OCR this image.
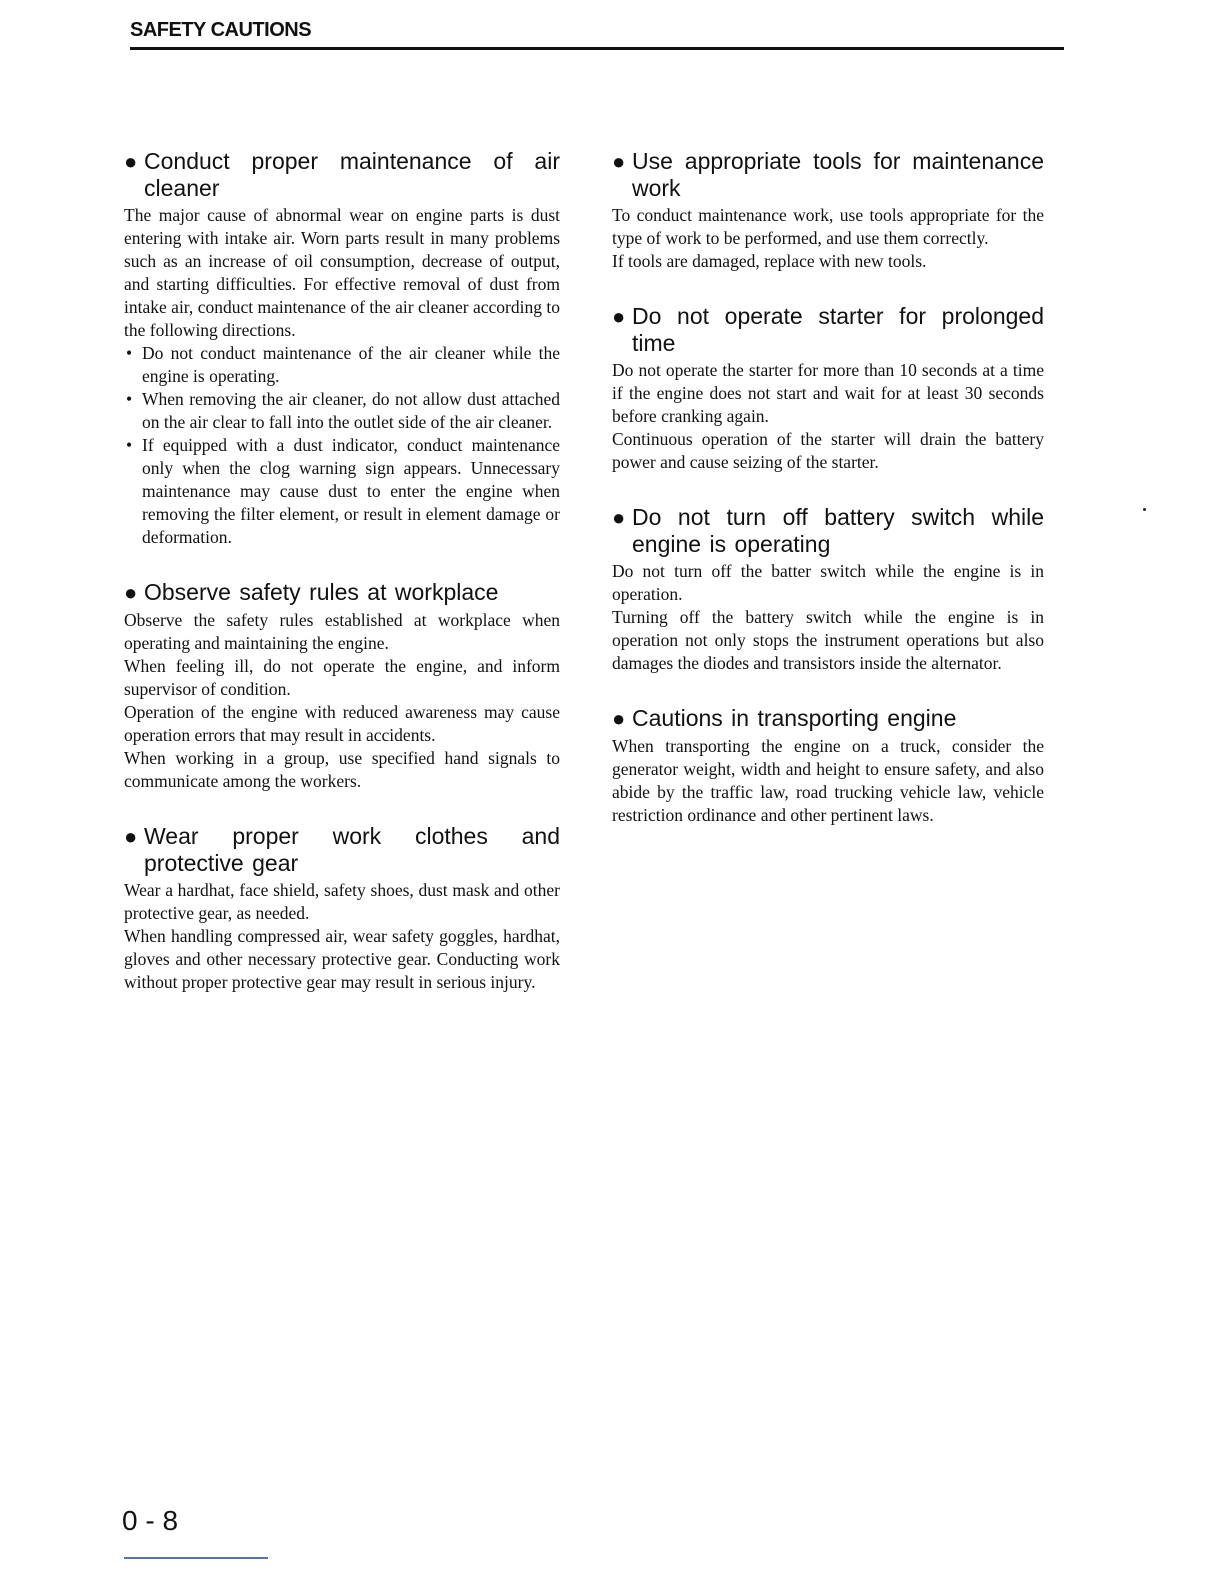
SAFETY CAUTIONS
● Conduct proper maintenance of air cleaner

The major cause of abnormal wear on engine parts is dust entering with intake air. Worn parts result in many problems such as an increase of oil consumption, decrease of output, and starting difficulties. For effective removal of dust from intake air, conduct maintenance of the air cleaner according to the following directions.

• Do not conduct maintenance of the air cleaner while the engine is operating.
• When removing the air cleaner, do not allow dust attached on the air clear to fall into the outlet side of the air cleaner.
• If equipped with a dust indicator, conduct maintenance only when the clog warning sign appears. Unnecessary maintenance may cause dust to enter the engine when removing the filter element, or result in element damage or deformation.
● Observe safety rules at workplace

Observe the safety rules established at workplace when operating and maintaining the engine.

When feeling ill, do not operate the engine, and inform supervisor of condition.

Operation of the engine with reduced awareness may cause operation errors that may result in accidents.

When working in a group, use specified hand signals to communicate among the workers.

● Wear proper work clothes and protective gear

Wear a hardhat, face shield, safety shoes, dust mask and other protective gear, as needed.

When handling compressed air, wear safety goggles, hardhat, gloves and other necessary protective gear. Conducting work without proper protective gear may result in serious injury.

● Use appropriate tools for maintenance work

To conduct maintenance work, use tools appropriate for the type of work to be performed, and use them correctly.

If tools are damaged, replace with new tools.

● Do not operate starter for prolonged time

Do not operate the starter for more than 10 seconds at a time if the engine does not start and wait for at least 30 seconds before cranking again.

Continuous operation of the starter will drain the battery power and cause seizing of the starter.

● Do not turn off battery switch while engine is operating

Do not turn off the batter switch while the engine is in operation.

Turning off the battery switch while the engine is in operation not only stops the instrument operations but also damages the diodes and transistors inside the alternator.

● Cautions in transporting engine

When transporting the engine on a truck, consider the generator weight, width and height to ensure safety, and also abide by the traffic law, road trucking vehicle law, vehicle restriction ordinance and other pertinent laws.

0 - 8
